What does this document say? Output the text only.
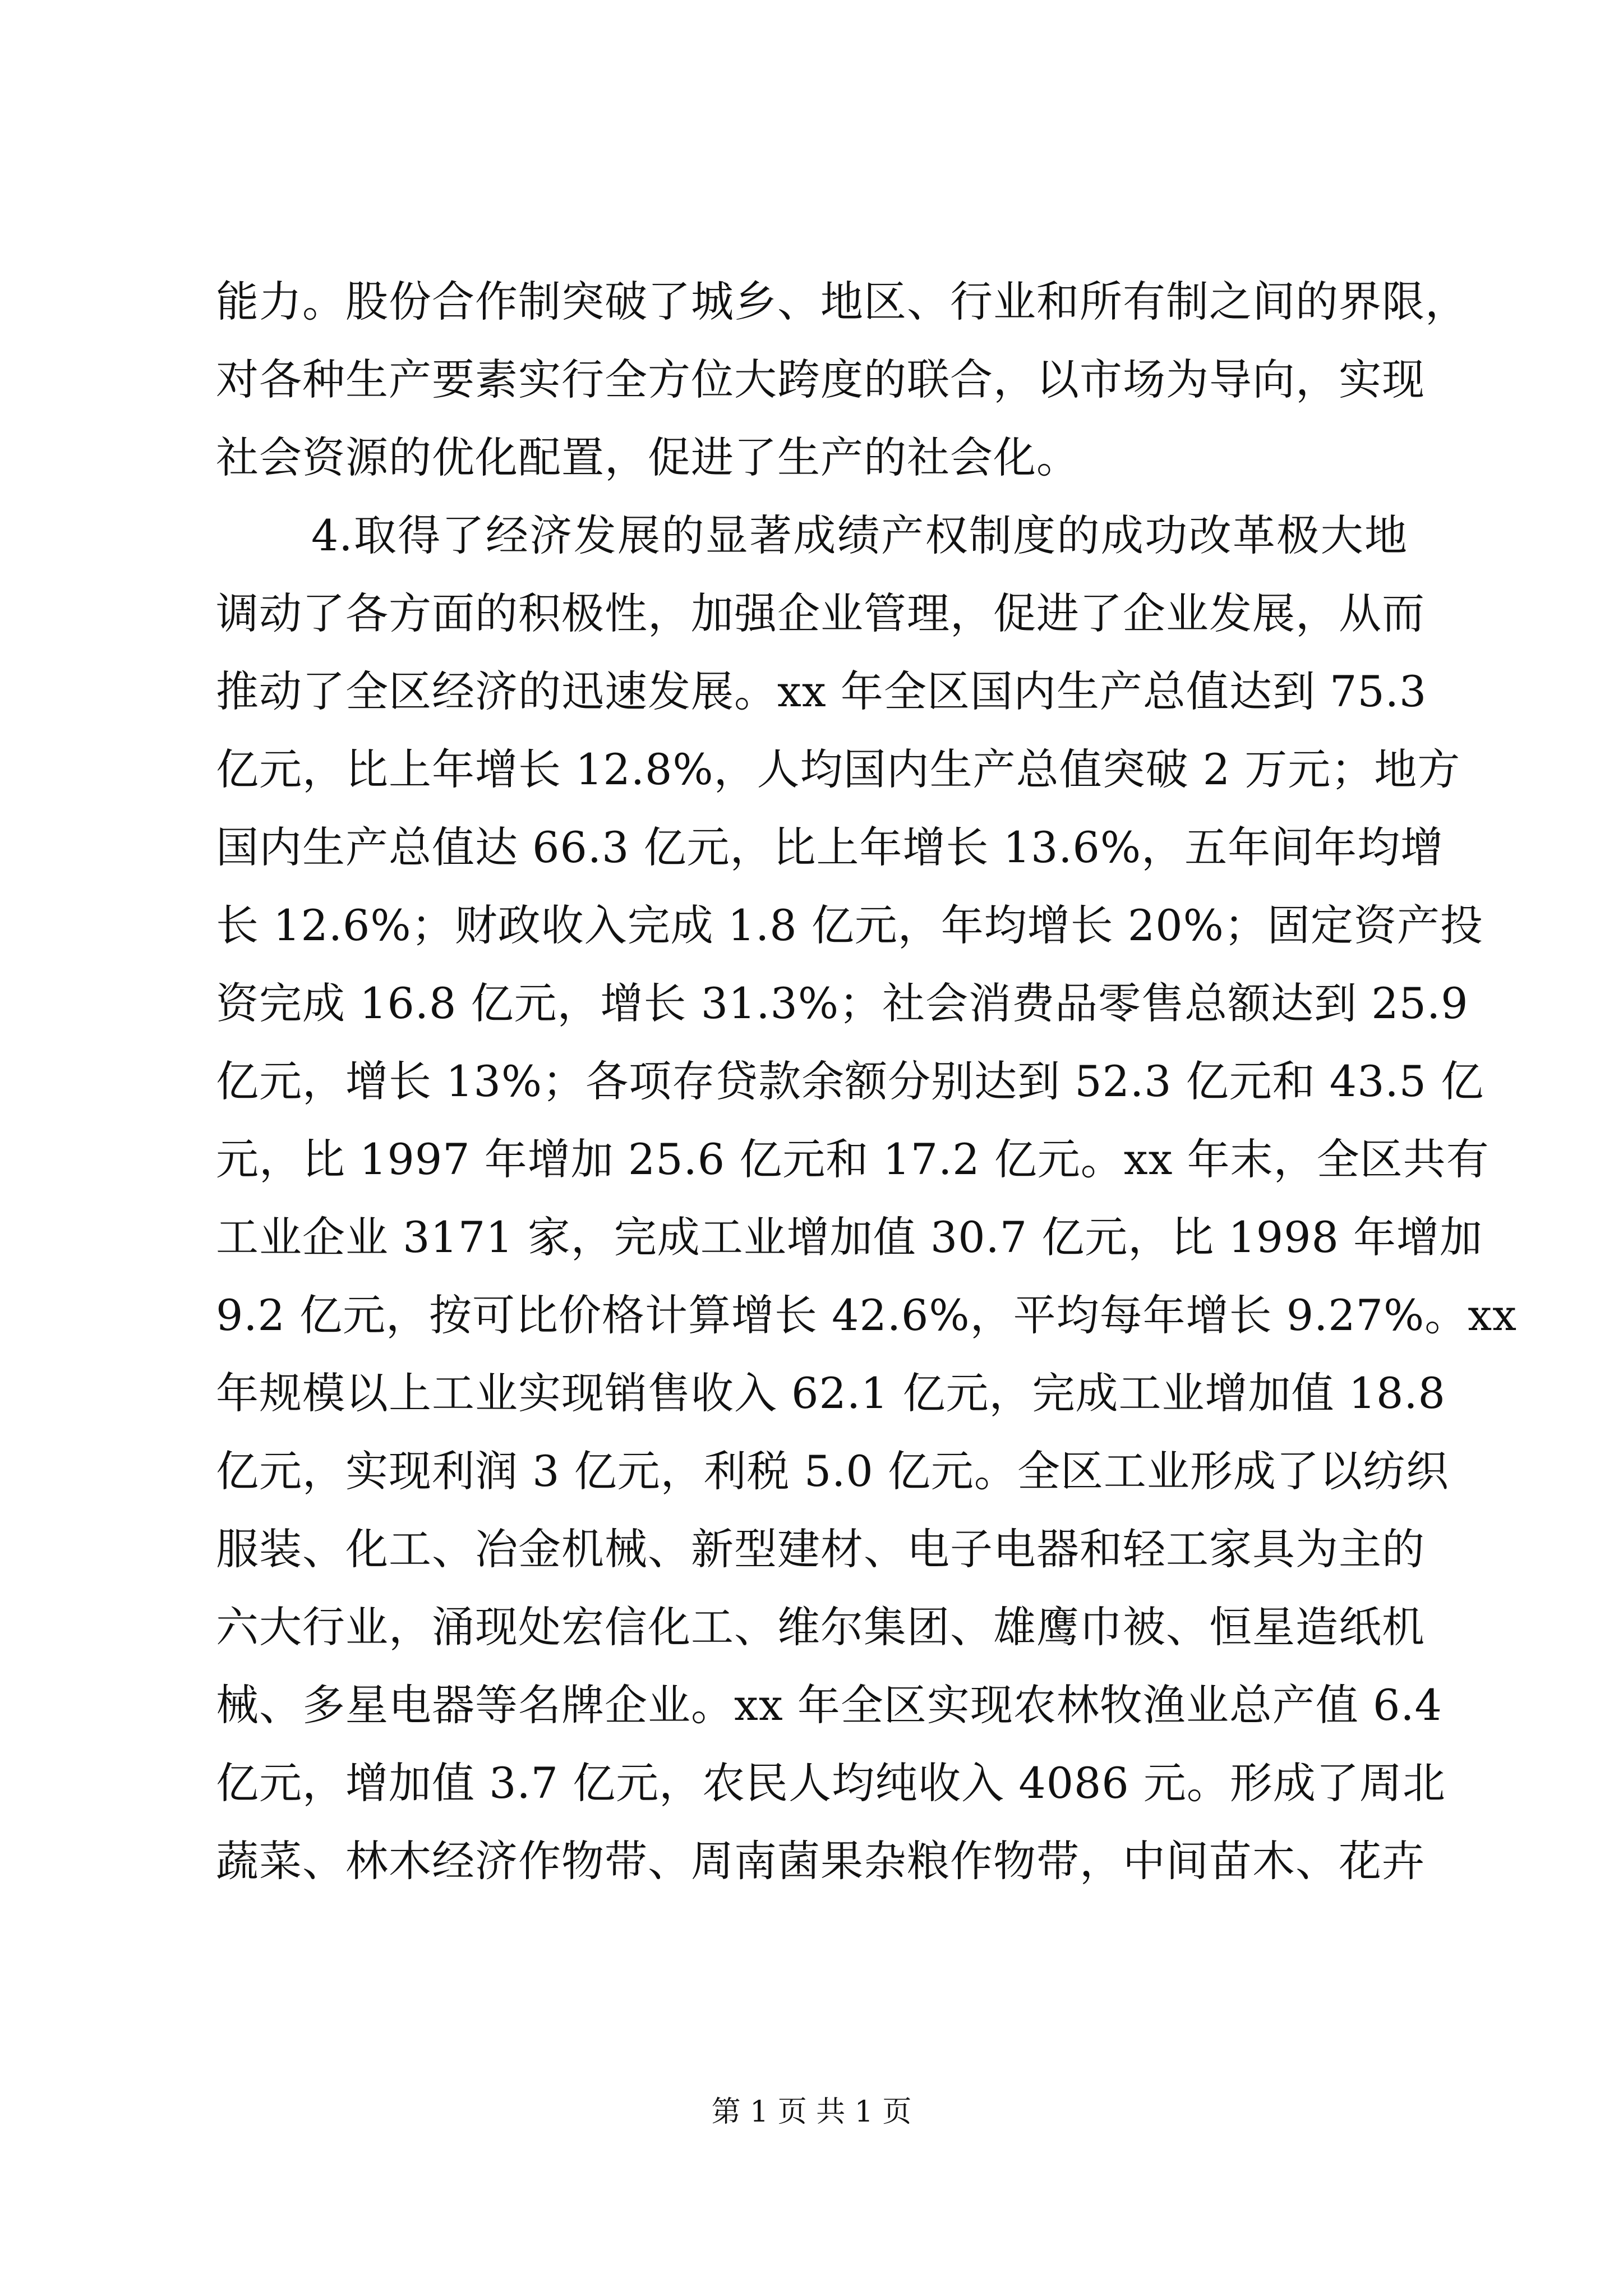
能力。股份合作制突破了城乡、地区、行业和所有制之间的界限，
对各种生产要素实行全方位大跨度的联合，以市场为导向，实现
社会资源的优化配置，促进了生产的社会化。
4.取得了经济发展的显著成绩产权制度的成功改革极大地
调动了各方面的积极性，加强企业管理，促进了企业发展，从而
推动了全区经济的迅速发展。xx 年全区国内生产总值达到 75.3
亿元，比上年增长 12.8%，人均国内生产总值突破 2 万元；地方
国内生产总值达 66.3 亿元，比上年增长 13.6%，五年间年均增
长 12.6%；财政收入完成 1.8 亿元，年均增长 20%；固定资产投
资完成 16.8 亿元，增长 31.3%；社会消费品零售总额达到 25.9
亿元，增长 13%；各项存贷款余额分别达到 52.3 亿元和 43.5 亿
元，比 1997 年增加 25.6 亿元和 17.2 亿元。xx 年末，全区共有
工业企业 3171 家，完成工业增加值 30.7 亿元，比 1998 年增加
9.2 亿元，按可比价格计算增长 42.6%，平均每年增长 9.27%。xx
年规模以上工业实现销售收入 62.1 亿元，完成工业增加值 18.8
亿元，实现利润 3 亿元，利税 5.0 亿元。全区工业形成了以纺织
服装、化工、冶金机械、新型建材、电子电器和轻工家具为主的
六大行业，涌现处宏信化工、维尔集团、雄鹰巾被、恒星造纸机
械、多星电器等名牌企业。xx 年全区实现农林牧渔业总产值 6.4
亿元，增加值 3.7 亿元，农民人均纯收入 4086 元。形成了周北
蔬菜、林木经济作物带、周南菌果杂粮作物带，中间苗木、花卉
第 1 页 共 1 页
